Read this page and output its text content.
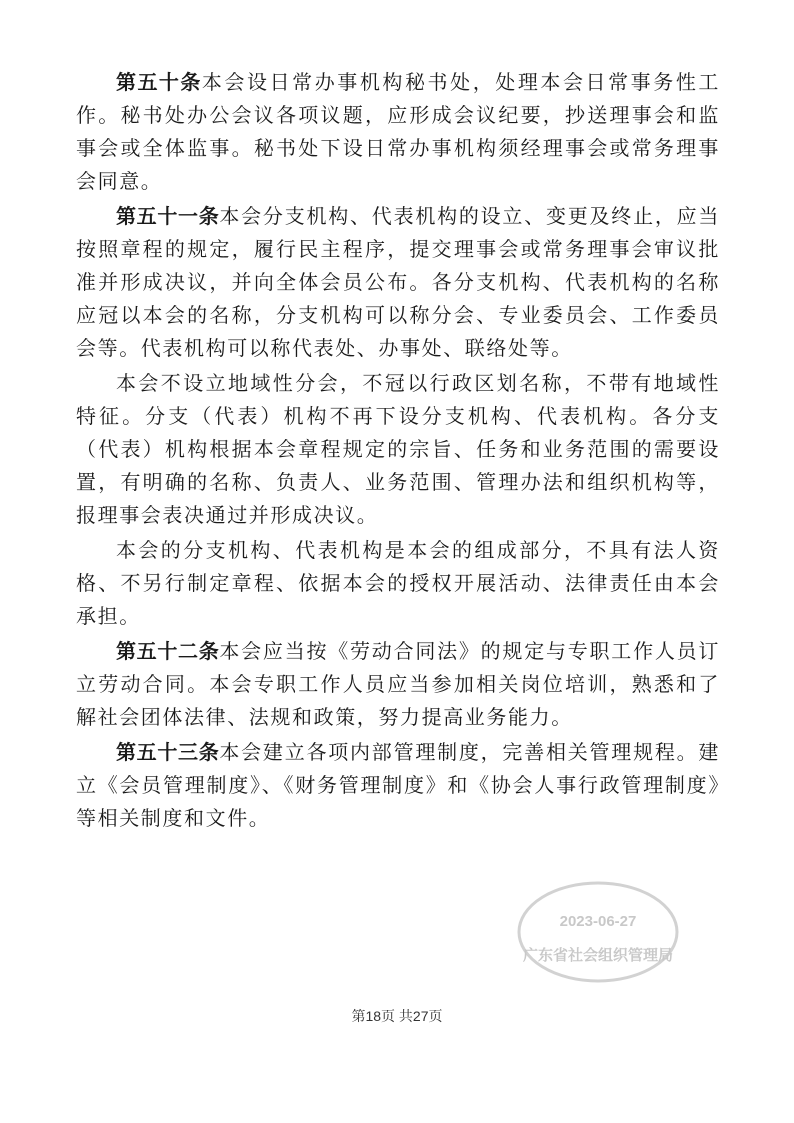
第五十条本会设日常办事机构秘书处，处理本会日常事务性工作。秘书处办公会议各项议题，应形成会议纪要，抄送理事会和监事会或全体监事。秘书处下设日常办事机构须经理事会或常务理事会同意。

第五十一条本会分支机构、代表机构的设立、变更及终止，应当按照章程的规定，履行民主程序，提交理事会或常务理事会审议批准并形成决议，并向全体会员公布。各分支机构、代表机构的名称应冠以本会的名称，分支机构可以称分会、专业委员会、工作委员会等。代表机构可以称代表处、办事处、联络处等。

本会不设立地域性分会，不冠以行政区划名称，不带有地域性特征。分支（代表）机构不再下设分支机构、代表机构。各分支（代表）机构根据本会章程规定的宗旨、任务和业务范围的需要设置，有明确的名称、负责人、业务范围、管理办法和组织机构等，报理事会表决通过并形成决议。

本会的分支机构、代表机构是本会的组成部分，不具有法人资格、不另行制定章程、依据本会的授权开展活动、法律责任由本会承担。

第五十二条本会应当按《劳动合同法》的规定与专职工作人员订立劳动合同。本会专职工作人员应当参加相关岗位培训，熟悉和了解社会团体法律、法规和政策，努力提高业务能力。

第五十三条本会建立各项内部管理制度，完善相关管理规程。建立《会员管理制度》、《财务管理制度》和《协会人事行政管理制度》等相关制度和文件。

2023-06-27
广东省社会组织管理局
第18页 共27页
